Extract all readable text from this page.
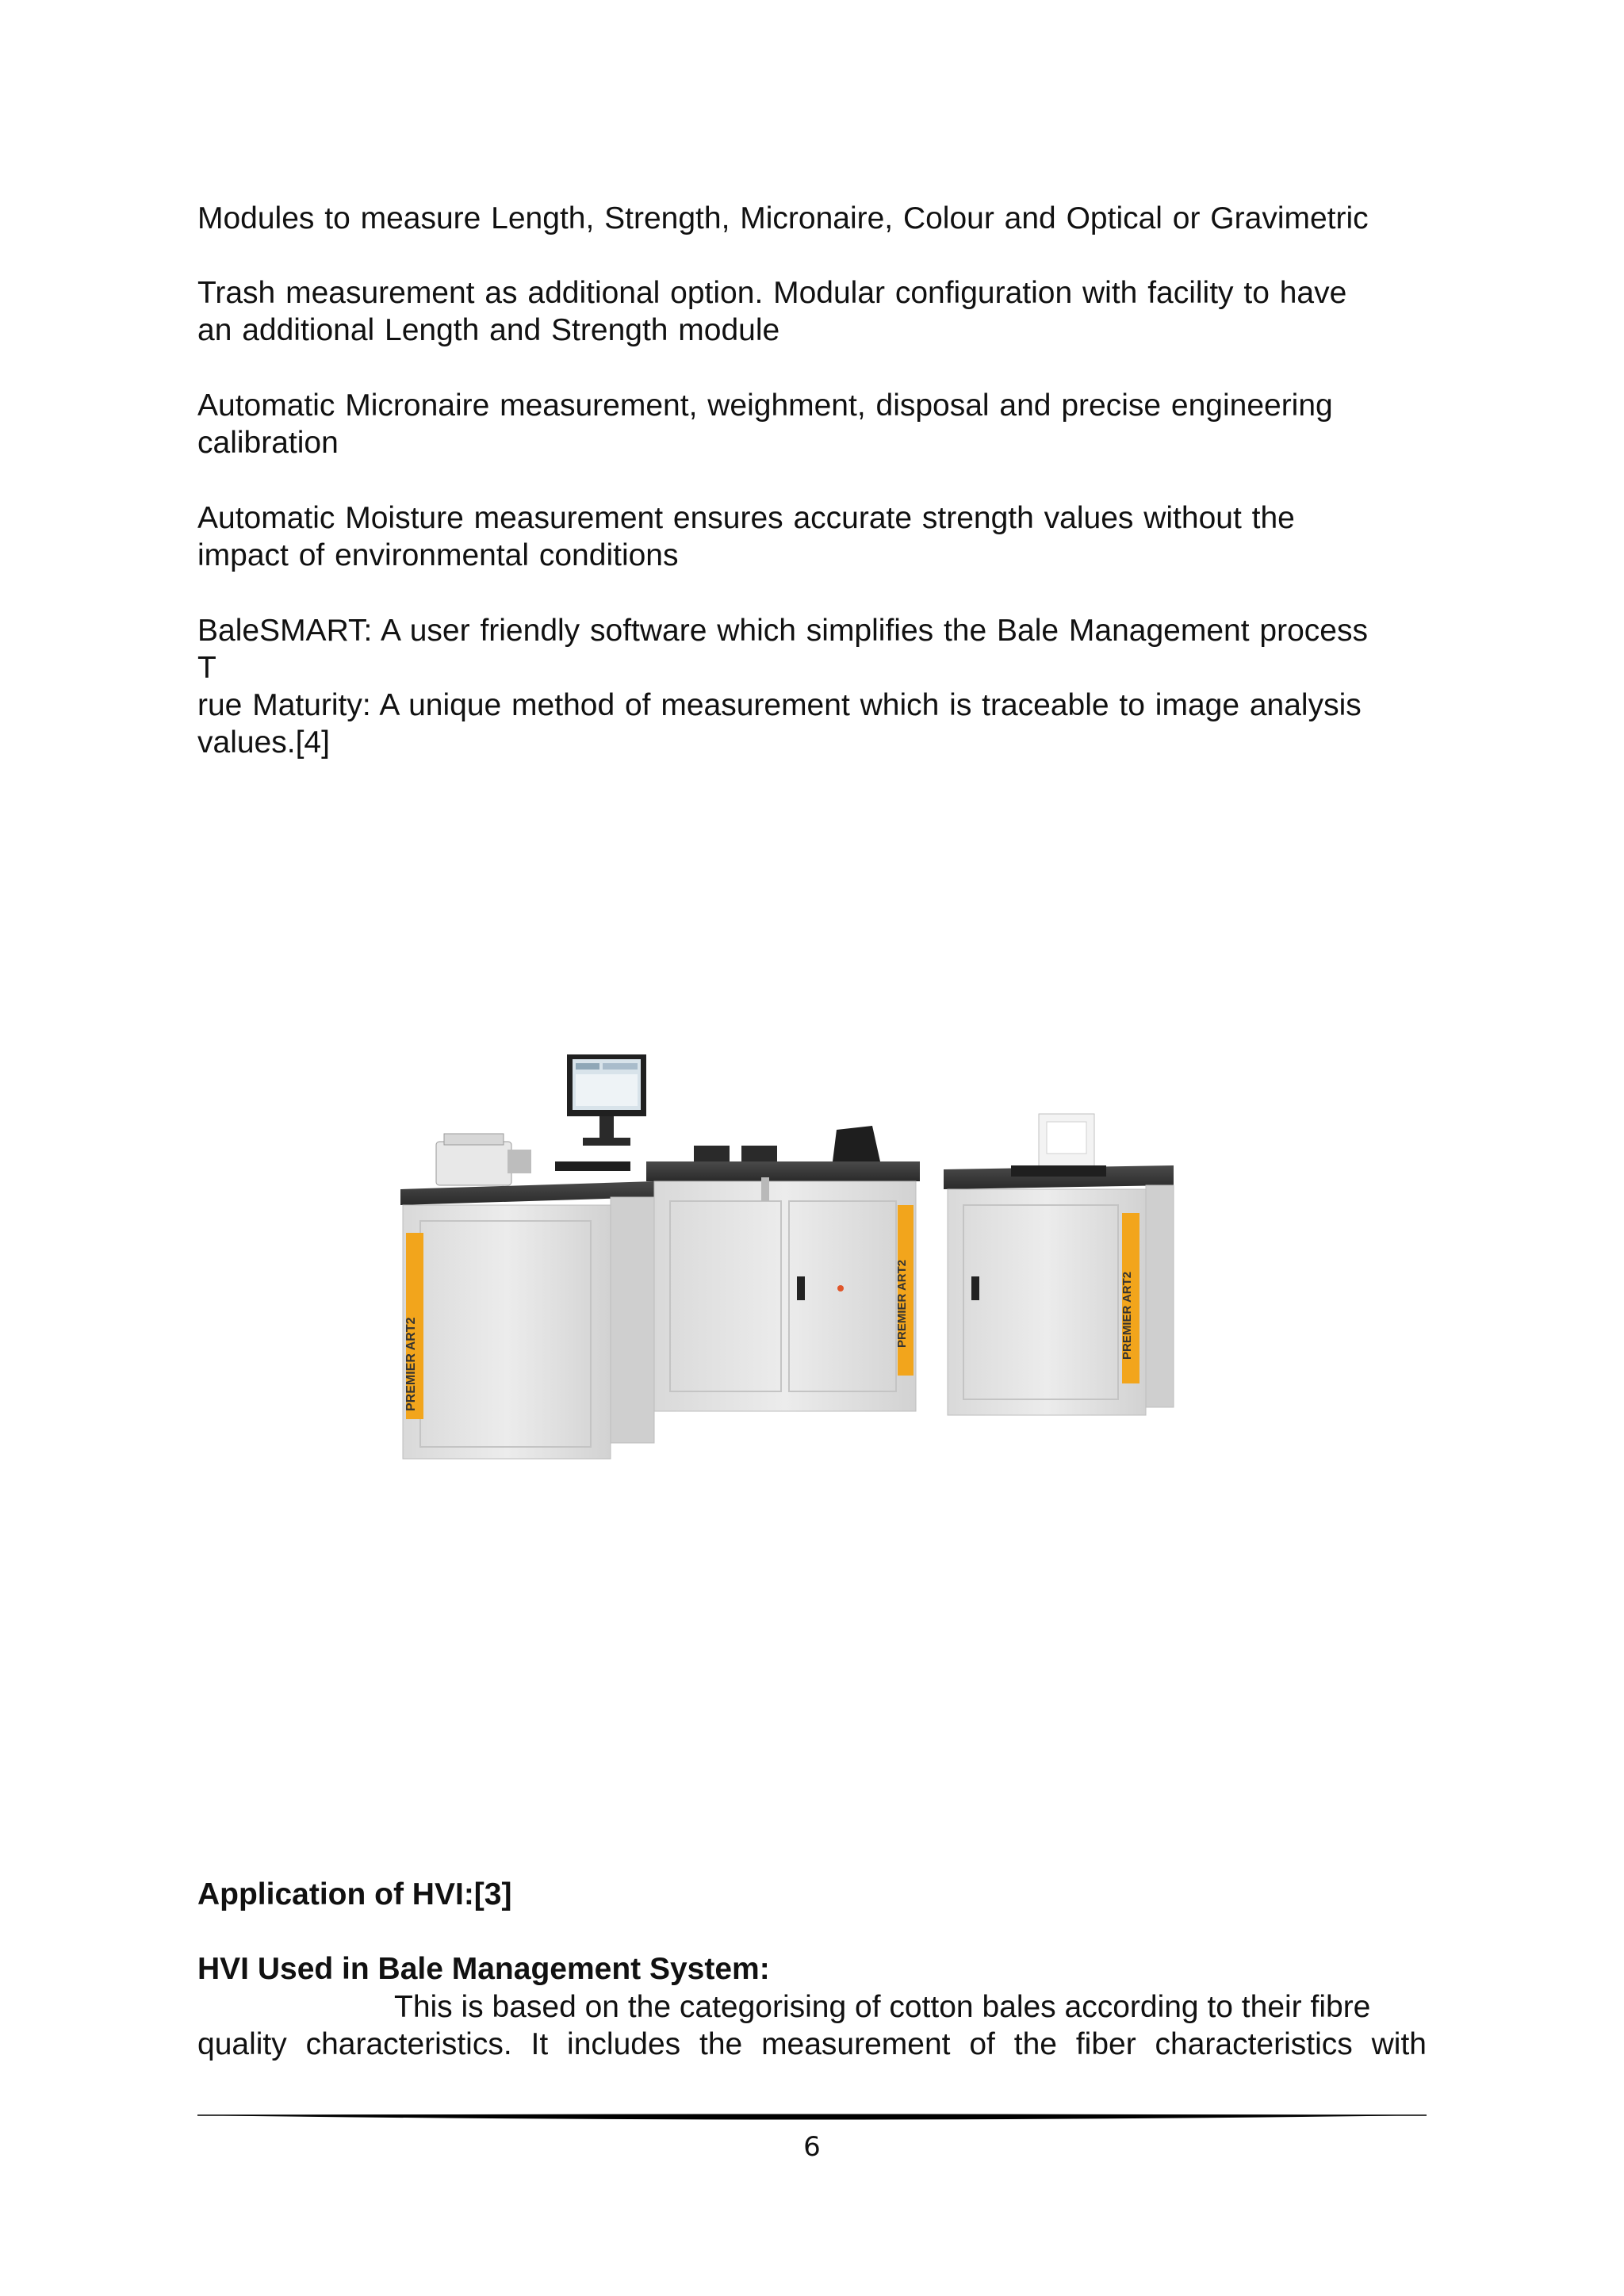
Modules to measure Length, Strength, Micronaire, Colour and Optical or Gravimetric

Trash measurement as additional option. Modular configuration with facility to have
an additional Length and Strength module

Automatic Micronaire measurement, weighment, disposal and precise engineering
calibration

Automatic Moisture measurement ensures accurate strength values without the
impact of environmental conditions

BaleSMART: A user friendly software which simplifies the Bale Management process
T
rue Maturity: A unique method of measurement which is traceable to image analysis
values.[4]

PREMIER ART2
PREMIER ART2	PREMIER ART2
Application of HVI:[3]
HVI Used in Bale Management System:

This is based on the categorising of cotton bales according to their fibre
quality characteristics. It includes the measurement of the fiber characteristics with

6
